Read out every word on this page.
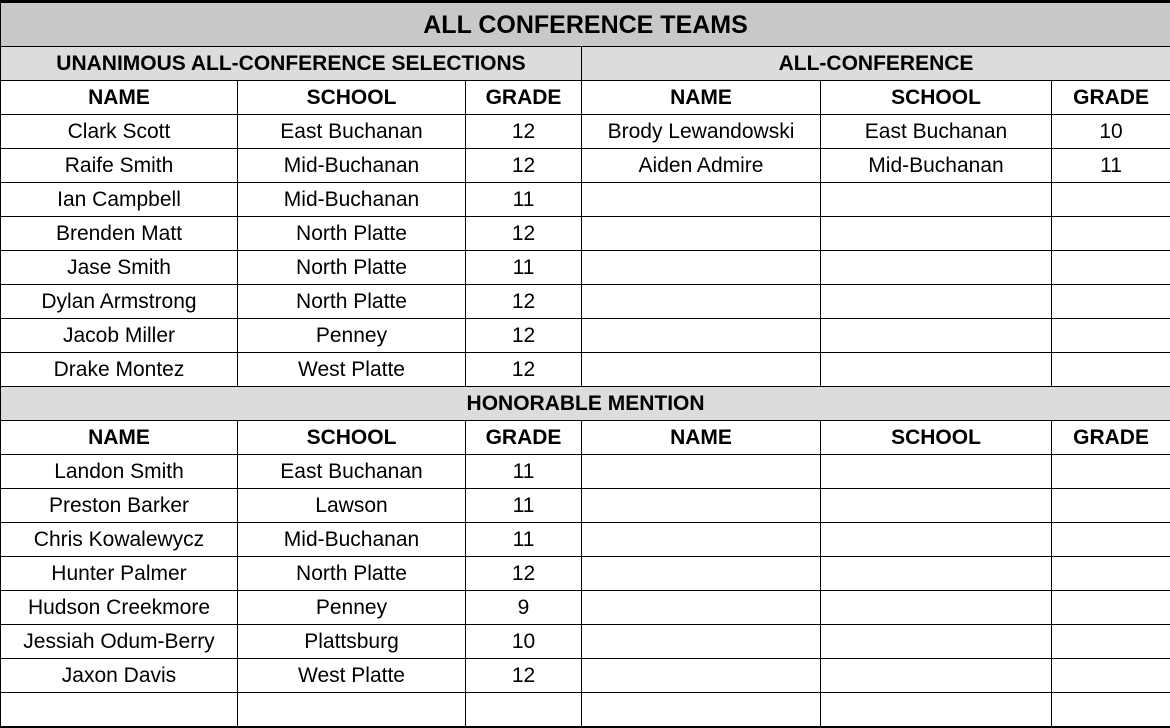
ALL CONFERENCE TEAMS					
UNANIMOUS ALL-CONFERENCE SELECTIONS			ALL-CONFERENCE		
NAME	SCHOOL	GRADE	NAME	SCHOOL	GRADE
Clark Scott	East Buchanan	12	Brody Lewandowski	East Buchanan	10
Raife Smith	Mid-Buchanan	12	Aiden Admire	Mid-Buchanan	11
Ian Campbell	Mid-Buchanan	11			
Brenden Matt	North Platte	12			
Jase Smith	North Platte	11			
Dylan Armstrong	North Platte	12			
Jacob Miller	Penney	12			
Drake Montez	West Platte	12			
HONORABLE MENTION					
NAME	SCHOOL	GRADE	NAME	SCHOOL	GRADE
Landon Smith	East Buchanan	11			
Preston Barker	Lawson	11			
Chris Kowalewycz	Mid-Buchanan	11			
Hunter Palmer	North Platte	12			
Hudson Creekmore	Penney	9			
Jessiah Odum-Berry	Plattsburg	10			
Jaxon Davis	West Platte	12			
